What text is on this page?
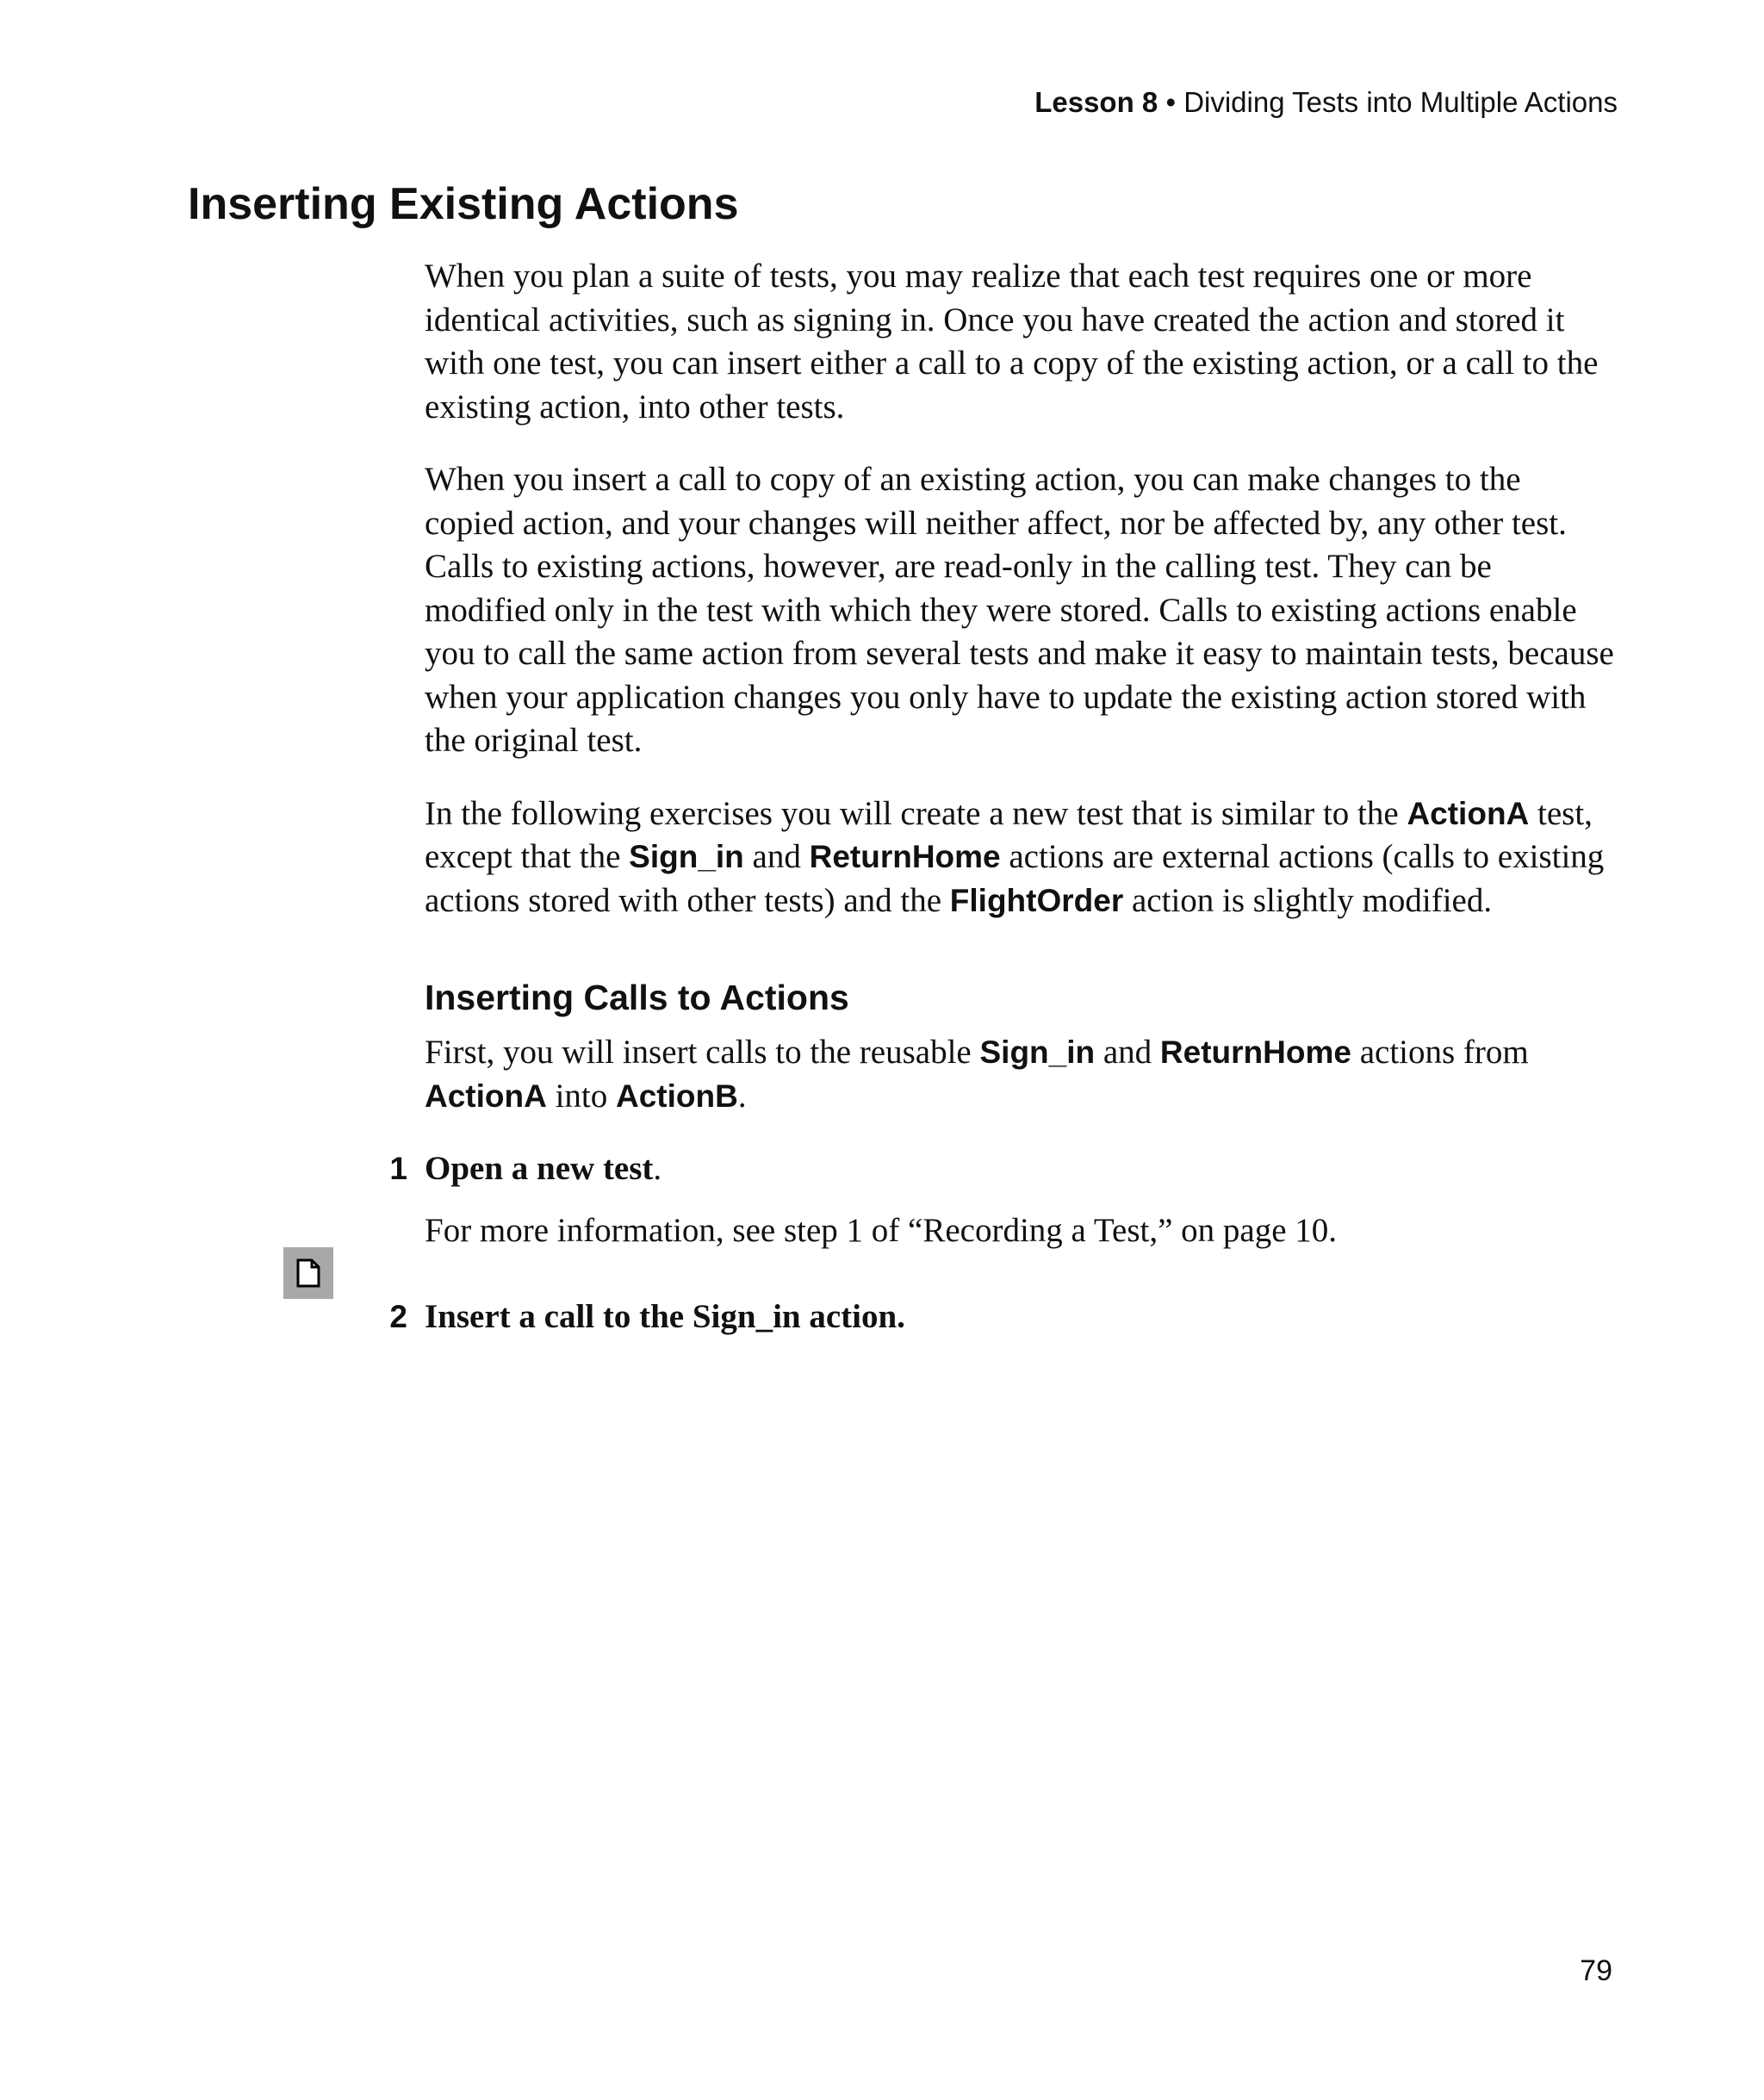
Lesson 8 • Dividing Tests into Multiple Actions
Inserting Existing Actions

When you plan a suite of tests, you may realize that each test requires one or more identical activities, such as signing in. Once you have created the action and stored it with one test, you can insert either a call to a copy of the existing action, or a call to the existing action, into other tests.

When you insert a call to copy of an existing action, you can make changes to the copied action, and your changes will neither affect, nor be affected by, any other test. Calls to existing actions, however, are read-only in the calling test. They can be modified only in the test with which they were stored. Calls to existing actions enable you to call the same action from several tests and make it easy to maintain tests, because when your application changes you only have to update the existing action stored with the original test.

In the following exercises you will create a new test that is similar to the ActionA test, except that the Sign_in and ReturnHome actions are external actions (calls to existing actions stored with other tests) and the FlightOrder action is slightly modified.

Inserting Calls to Actions

First, you will insert calls to the reusable Sign_in and ReturnHome actions from ActionA into ActionB.

1 Open a new test.
For more information, see step 1 of “Recording a Test,” on page 10.
2 Insert a call to the Sign_in action.
79
